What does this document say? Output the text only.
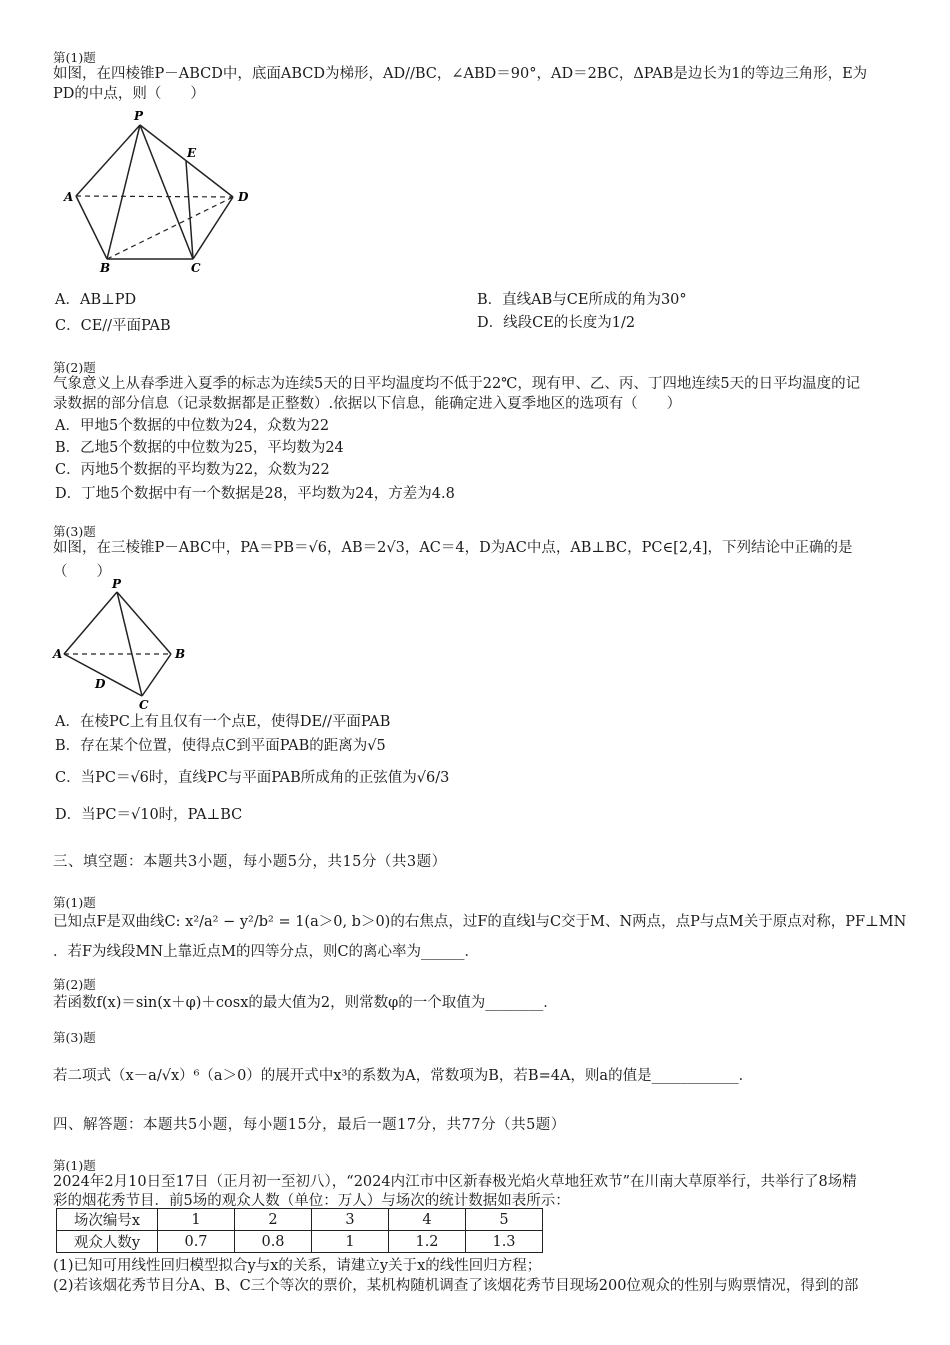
第(1)题
如图，在四棱锥P－ABCD中，底面ABCD为梯形，AD//BC，∠ABD＝90°，AD＝2BC，ΔPAB是边长为1的等边三角形，E为
PD的中点，则（　　）
P
E
A	D
B	C
P
A	B
D
C
A．AB⊥PD	B．直线AB与CE所成的角为30°
C．CE//平面PAB	D．线段CE的长度为1/2
第(2)题
气象意义上从春季进入夏季的标志为连续5天的日平均温度均不低于22℃，现有甲、乙、丙、丁四地连续5天的日平均温度的记
录数据的部分信息（记录数据都是正整数）.依据以下信息，能确定进入夏季地区的选项有（　　）
A．甲地5个数据的中位数为24，众数为22
B．乙地5个数据的中位数为25，平均数为24
C．丙地5个数据的平均数为22，众数为22
D．丁地5个数据中有一个数据是28，平均数为24，方差为4.8
第(3)题
如图，在三棱锥P－ABC中，PA＝PB＝√6，AB＝2√3，AC＝4，D为AC中点，AB⊥BC，PC∈[2,4]，下列结论中正确的是
（　　）
A．在棱PC上有且仅有一个点E，使得DE//平面PAB
B．存在某个位置，使得点C到平面PAB的距离为√5
C．当PC＝√6时，直线PC与平面PAB所成角的正弦值为√6/3
D．当PC＝√10时，PA⊥BC
三、填空题：本题共3小题，每小题5分，共15分（共3题）
第(1)题
已知点F是双曲线C: x²/a² − y²/b² = 1(a＞0, b＞0)的右焦点，过F的直线l与C交于M、N两点，点P与点M关于原点对称，PF⊥MN
．若F为线段MN上靠近点M的四等分点，则C的离心率为______．
第(2)题
若函数f(x)＝sin(x＋φ)＋cosx的最大值为2，则常数φ的一个取值为________．
第(3)题
若二项式（x－a/√x）⁶（a＞0）的展开式中x³的系数为A，常数项为B，若B=4A，则a的值是____________．
四、解答题：本题共5小题，每小题15分，最后一题17分，共77分（共5题）
第(1)题
2024年2月10日至17日（正月初一至初八），“2024内江市中区新春极光焰火草地狂欢节”在川南大草原举行，共举行了8场精
彩的烟花秀节目．前5场的观众人数（单位：万人）与场次的统计数据如表所示：
场次编号x	1	2	3	4	5
观众人数y	0.7	0.8	1	1.2	1.3
(1)已知可用线性回归模型拟合y与x的关系，请建立y关于x的线性回归方程；
(2)若该烟花秀节目分A、B、C三个等次的票价，某机构随机调查了该烟花秀节目现场200位观众的性别与购票情况，得到的部
